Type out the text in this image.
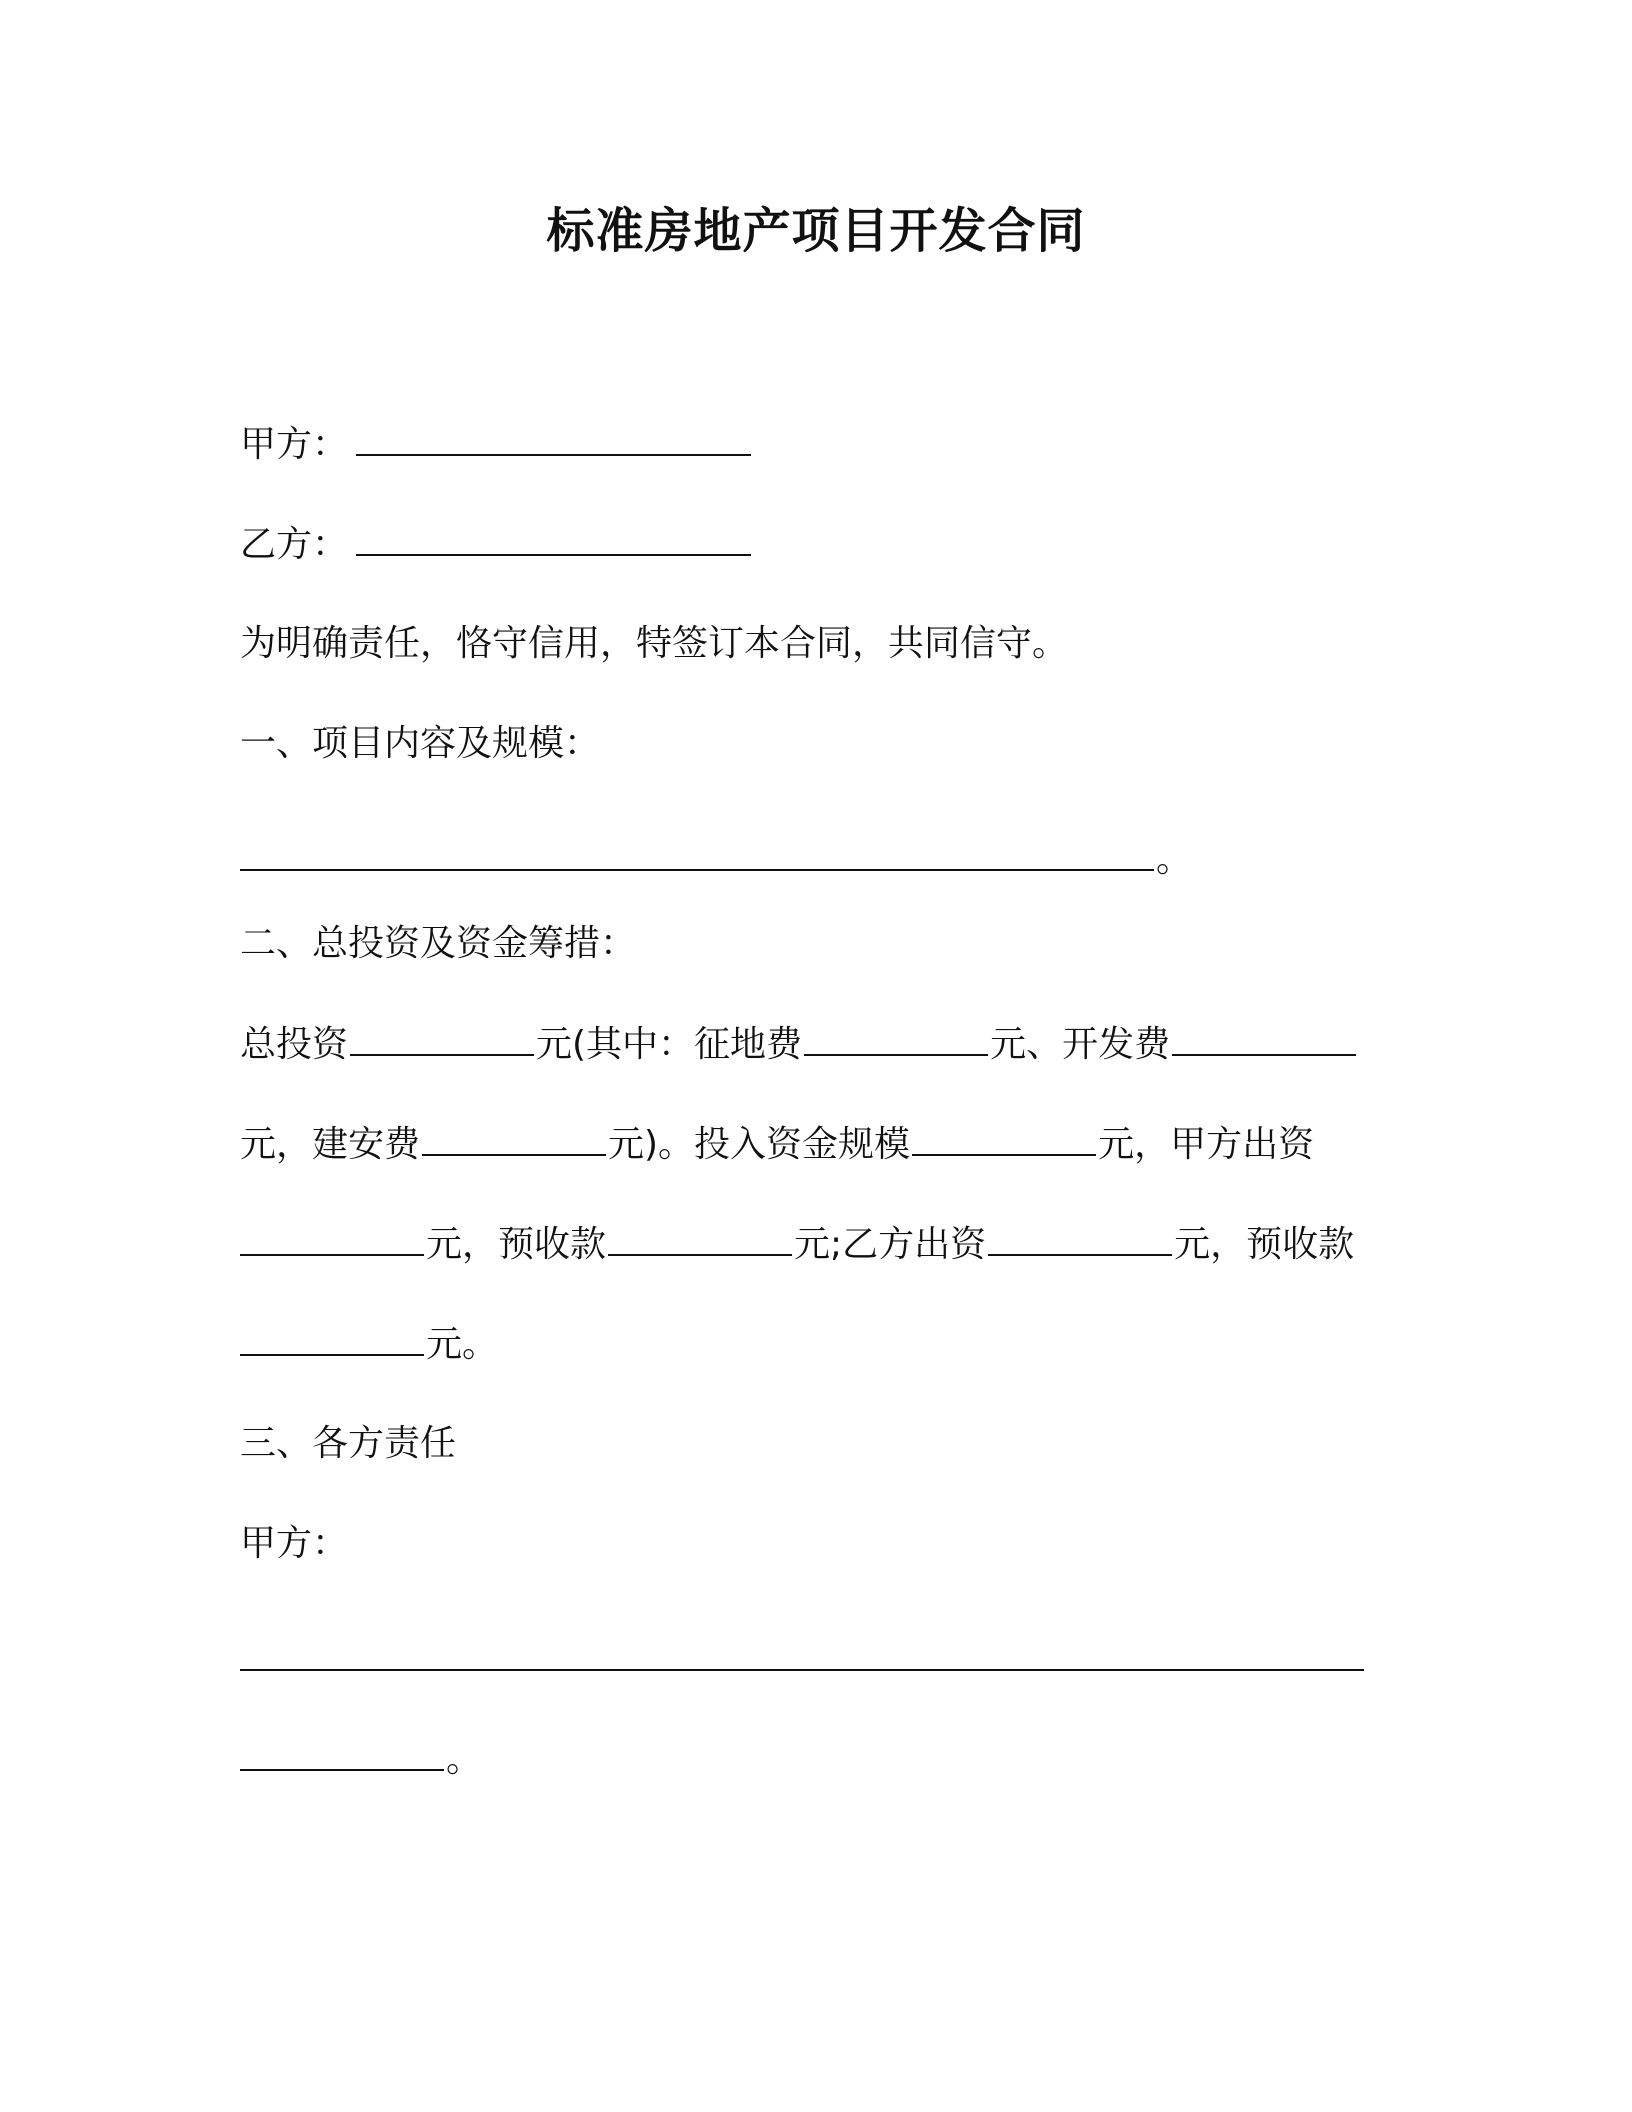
标准房地产项目开发合同

甲方：

乙方：

为明确责任，恪守信用，特签订本合同，共同信守。

一、项目内容及规模：

。

二、总投资及资金筹措：

总投资	元(其中：征地费	元、开发费

元，建安费	元)。投入资金规模	元，甲方出资

元，预收款	元;乙方出资	元，预收款

元。

三、各方责任

甲方：

。
